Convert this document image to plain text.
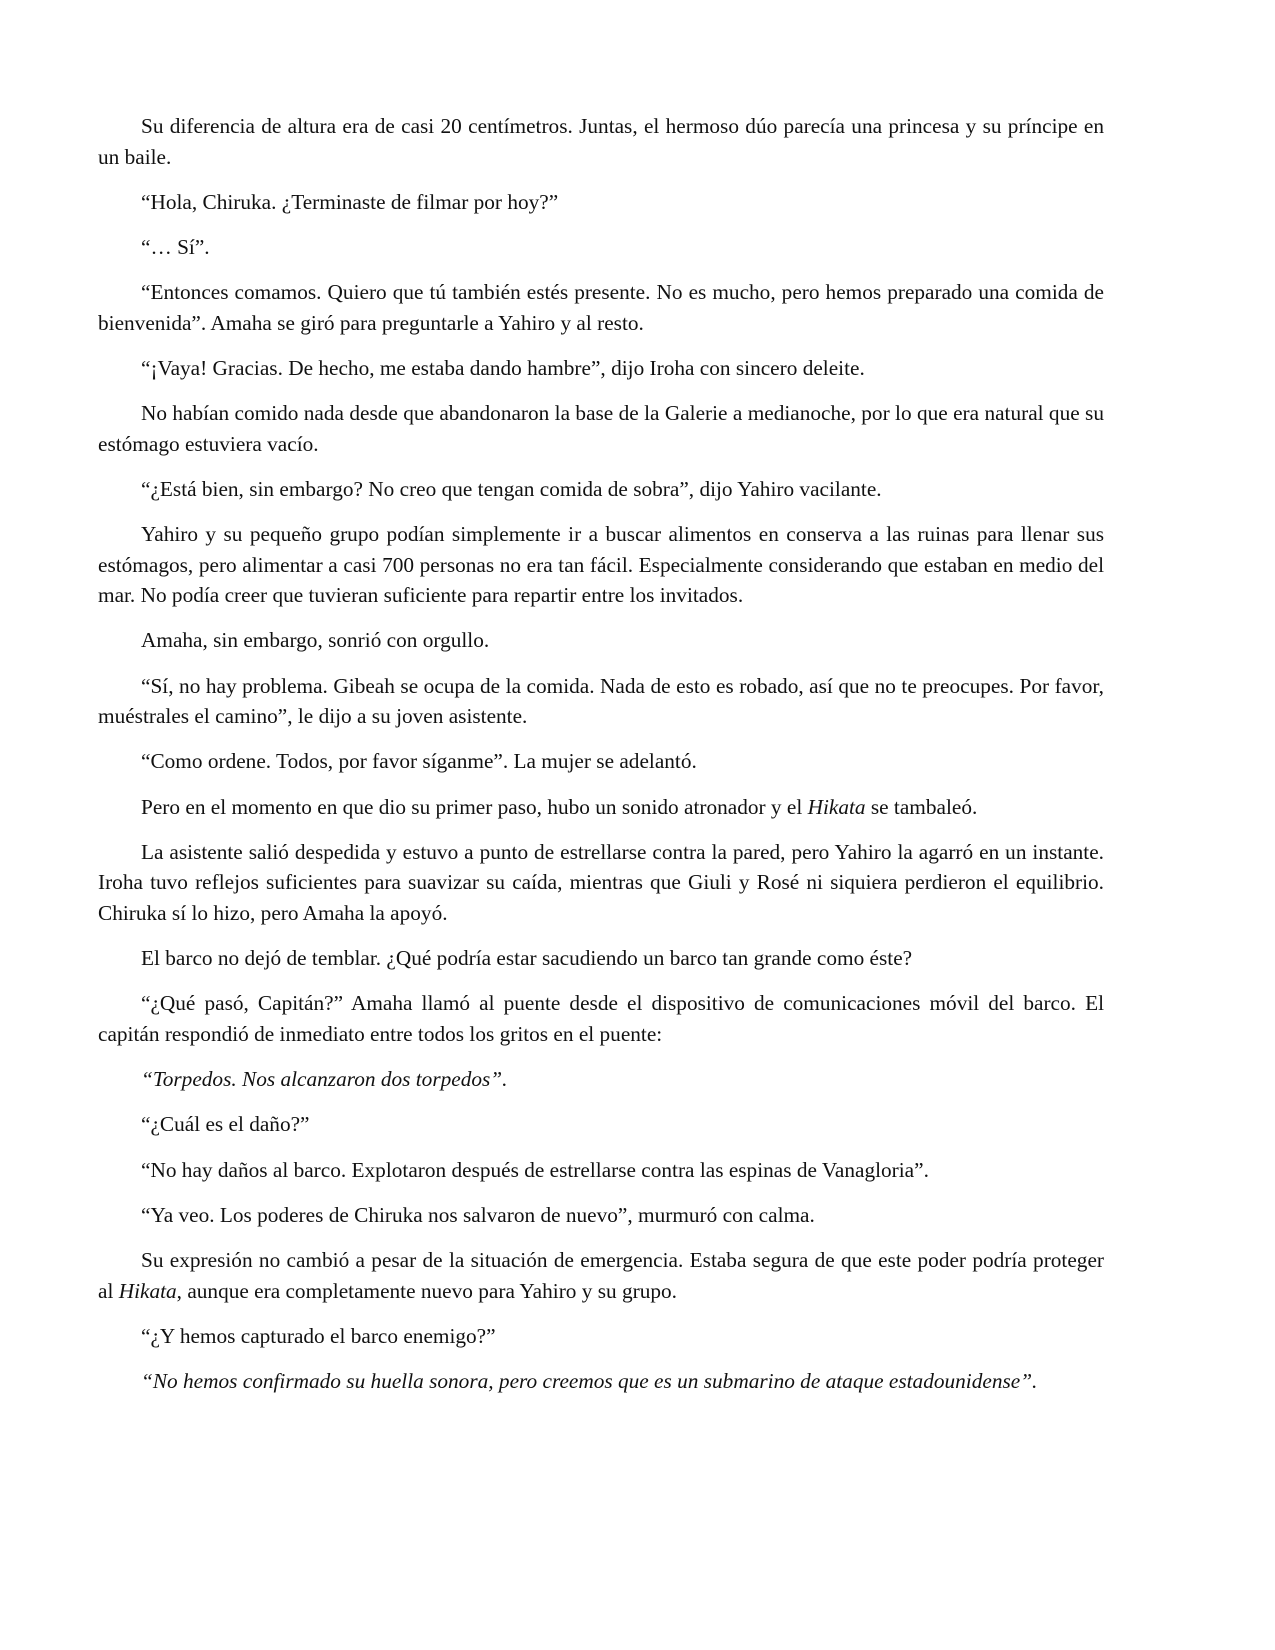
Su diferencia de altura era de casi 20 centímetros. Juntas, el hermoso dúo parecía una princesa y su príncipe en un baile.

“Hola, Chiruka. ¿Terminaste de filmar por hoy?”

“… Sí”.

“Entonces comamos. Quiero que tú también estés presente. No es mucho, pero hemos preparado una comida de bienvenida”. Amaha se giró para preguntarle a Yahiro y al resto.

“¡Vaya! Gracias. De hecho, me estaba dando hambre”, dijo Iroha con sincero deleite.

No habían comido nada desde que abandonaron la base de la Galerie a medianoche, por lo que era natural que su estómago estuviera vacío.

“¿Está bien, sin embargo? No creo que tengan comida de sobra”, dijo Yahiro vacilante.

Yahiro y su pequeño grupo podían simplemente ir a buscar alimentos en conserva a las ruinas para llenar sus estómagos, pero alimentar a casi 700 personas no era tan fácil. Especialmente considerando que estaban en medio del mar. No podía creer que tuvieran suficiente para repartir entre los invitados.

Amaha, sin embargo, sonrió con orgullo.

“Sí, no hay problema. Gibeah se ocupa de la comida. Nada de esto es robado, así que no te preocupes. Por favor, muéstrales el camino”, le dijo a su joven asistente.

“Como ordene. Todos, por favor síganme”. La mujer se adelantó.

Pero en el momento en que dio su primer paso, hubo un sonido atronador y el Hikata se tambaleó.

La asistente salió despedida y estuvo a punto de estrellarse contra la pared, pero Yahiro la agarró en un instante. Iroha tuvo reflejos suficientes para suavizar su caída, mientras que Giuli y Rosé ni siquiera perdieron el equilibrio. Chiruka sí lo hizo, pero Amaha la apoyó.

El barco no dejó de temblar. ¿Qué podría estar sacudiendo un barco tan grande como éste?

“¿Qué pasó, Capitán?” Amaha llamó al puente desde el dispositivo de comunicaciones móvil del barco. El capitán respondió de inmediato entre todos los gritos en el puente:

“Torpedos. Nos alcanzaron dos torpedos”.

“¿Cuál es el daño?”

“No hay daños al barco. Explotaron después de estrellarse contra las espinas de Vanagloria”.

“Ya veo. Los poderes de Chiruka nos salvaron de nuevo”, murmuró con calma.

Su expresión no cambió a pesar de la situación de emergencia. Estaba segura de que este poder podría proteger al Hikata, aunque era completamente nuevo para Yahiro y su grupo.

“¿Y hemos capturado el barco enemigo?”

“No hemos confirmado su huella sonora, pero creemos que es un submarino de ataque estadounidense”.
